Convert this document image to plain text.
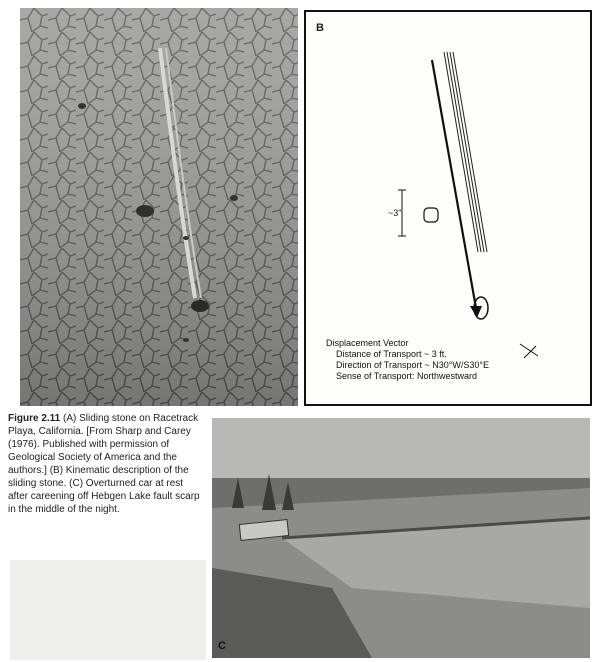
B
~3"
Displacement Vector
Distance of Transport ~ 3 ft.
Direction of Transport ~ N30°W/S30°E
Sense of Transport: Northwestward
Figure 2.11 (A) Sliding stone on Racetrack Playa, California. [From Sharp and Carey (1976). Published with permission of Geological Society of America and the authors.] (B) Kinematic description of the sliding stone. (C) Overturned car at rest after careening off Hebgen Lake fault scarp in the middle of the night.
C
